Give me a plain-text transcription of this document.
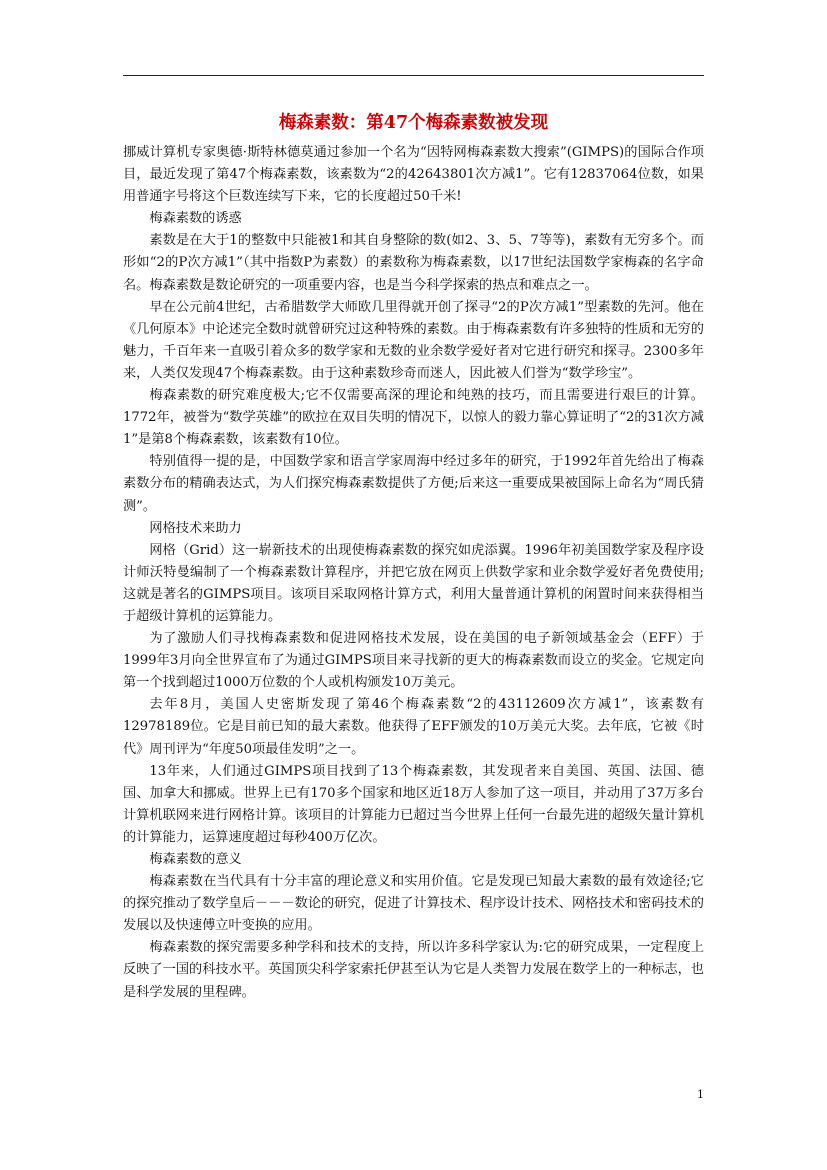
梅森素数：第47个梅森素数被发现

挪威计算机专家奥德·斯特林德莫通过参加一个名为“因特网梅森素数大搜索”(GIMPS)的国际合作项目，最近发现了第47个梅森素数，该素数为“2的42643801次方减1”。它有12837064位数，如果用普通字号将这个巨数连续写下来，它的长度超过50千米!

梅森素数的诱惑

素数是在大于1的整数中只能被1和其自身整除的数(如2、3、5、7等等)，素数有无穷多个。而形如“2的P次方减1”（其中指数P为素数）的素数称为梅森素数，以17世纪法国数学家梅森的名字命名。梅森素数是数论研究的一项重要内容，也是当今科学探索的热点和难点之一。

早在公元前4世纪，古希腊数学大师欧几里得就开创了探寻“2的P次方减1”型素数的先河。他在《几何原本》中论述完全数时就曾研究过这种特殊的素数。由于梅森素数有许多独特的性质和无穷的魅力，千百年来一直吸引着众多的数学家和无数的业余数学爱好者对它进行研究和探寻。2300多年来，人类仅发现47个梅森素数。由于这种素数珍奇而迷人，因此被人们誉为“数学珍宝”。

梅森素数的研究难度极大;它不仅需要高深的理论和纯熟的技巧，而且需要进行艰巨的计算。1772年，被誉为“数学英雄”的欧拉在双目失明的情况下，以惊人的毅力靠心算证明了“2的31次方减1”是第8个梅森素数，该素数有10位。

特别值得一提的是，中国数学家和语言学家周海中经过多年的研究，于1992年首先给出了梅森素数分布的精确表达式，为人们探究梅森素数提供了方便;后来这一重要成果被国际上命名为“周氏猜测”。

网格技术来助力

网格（Grid）这一崭新技术的出现使梅森素数的探究如虎添翼。1996年初美国数学家及程序设计师沃特曼编制了一个梅森素数计算程序，并把它放在网页上供数学家和业余数学爱好者免费使用;这就是著名的GIMPS项目。该项目采取网格计算方式，利用大量普通计算机的闲置时间来获得相当于超级计算机的运算能力。

为了激励人们寻找梅森素数和促进网格技术发展，设在美国的电子新领域基金会（EFF）于1999年3月向全世界宣布了为通过GIMPS项目来寻找新的更大的梅森素数而设立的奖金。它规定向第一个找到超过1000万位数的个人或机构颁发10万美元。

去年8月，美国人史密斯发现了第46个梅森素数“2的43112609次方减1”，该素数有12978189位。它是目前已知的最大素数。他获得了EFF颁发的10万美元大奖。去年底，它被《时代》周刊评为“年度50项最佳发明”之一。

13年来，人们通过GIMPS项目找到了13个梅森素数，其发现者来自美国、英国、法国、德国、加拿大和挪威。世界上已有170多个国家和地区近18万人参加了这一项目，并动用了37万多台计算机联网来进行网格计算。该项目的计算能力已超过当今世界上任何一台最先进的超级矢量计算机的计算能力，运算速度超过每秒400万亿次。

梅森素数的意义

梅森素数在当代具有十分丰富的理论意义和实用价值。它是发现已知最大素数的最有效途径;它的探究推动了数学皇后－－－数论的研究，促进了计算技术、程序设计技术、网格技术和密码技术的发展以及快速傅立叶变换的应用。

梅森素数的探究需要多种学科和技术的支持，所以许多科学家认为:它的研究成果，一定程度上反映了一国的科技水平。英国顶尖科学家索托伊甚至认为它是人类智力发展在数学上的一种标志，也是科学发展的里程碑。

1
